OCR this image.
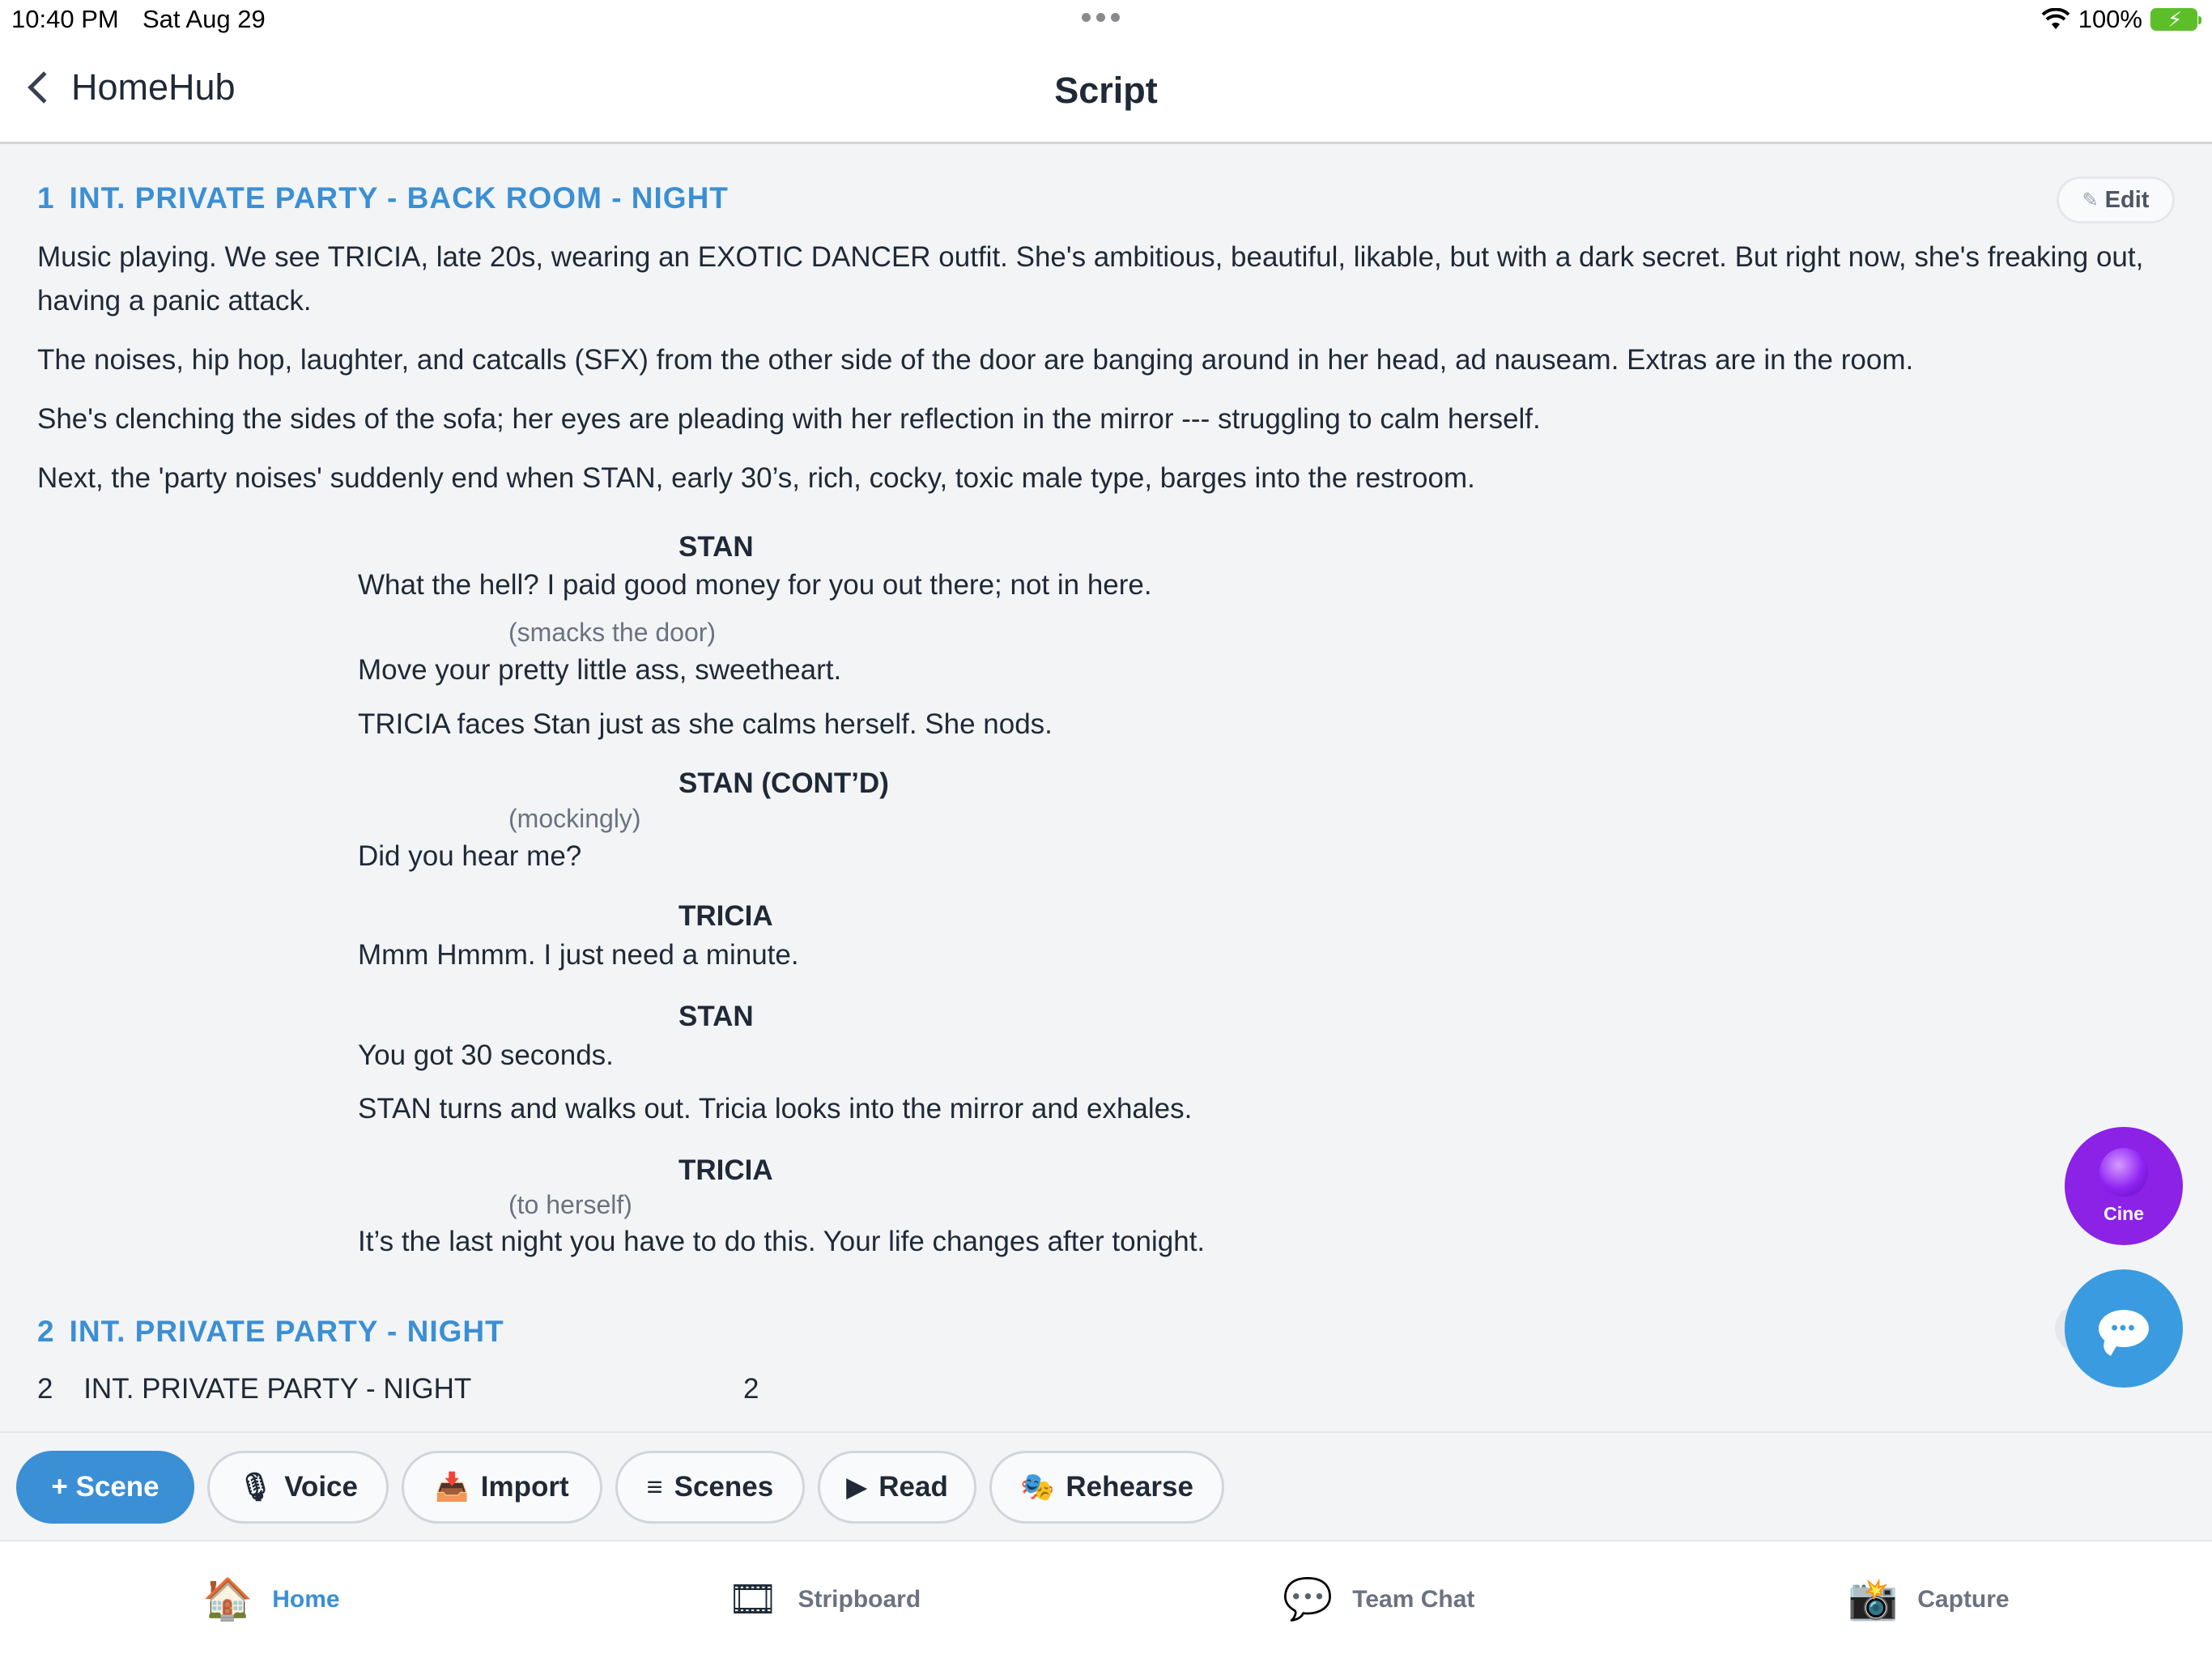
10:40 PM Sat Aug 29	100% ⚡
HomeHub	Script
1 INT. PRIVATE PARTY - BACK ROOM - NIGHT	✎ Edit
Music playing. We see TRICIA, late 20s, wearing an EXOTIC DANCER outfit. She's ambitious, beautiful, likable, but with a dark secret. But right now, she's freaking out, having a panic attack.
The noises, hip hop, laughter, and catcalls (SFX) from the other side of the door are banging around in her head, ad nauseam. Extras are in the room.
She's clenching the sides of the sofa; her eyes are pleading with her reflection in the mirror --- struggling to calm herself.
Next, the 'party noises' suddenly end when STAN, early 30’s, rich, cocky, toxic male type, barges into the restroom.
STAN
What the hell? I paid good money for you out there; not in here.
(smacks the door)
Move your pretty little ass, sweetheart.
TRICIA faces Stan just as she calms herself. She nods.
STAN (CONT’D)
(mockingly)
Did you hear me?
TRICIA
Mmm Hmmm. I just need a minute.
STAN
You got 30 seconds.
STAN turns and walks out. Tricia looks into the mirror and exhales.
TRICIA
(to herself)
It’s the last night you have to do this. Your life changes after tonight.
2 INT. PRIVATE PARTY - NIGHT
2 INT. PRIVATE PARTY - NIGHT	2
Cine
•••
+ Scene	🎙 Voice	📥 Import	≡ Scenes	▶ Read	🎭 Rehearse
🏠 Home	🎞 Stripboard	💬 Team Chat	📸 Capture
